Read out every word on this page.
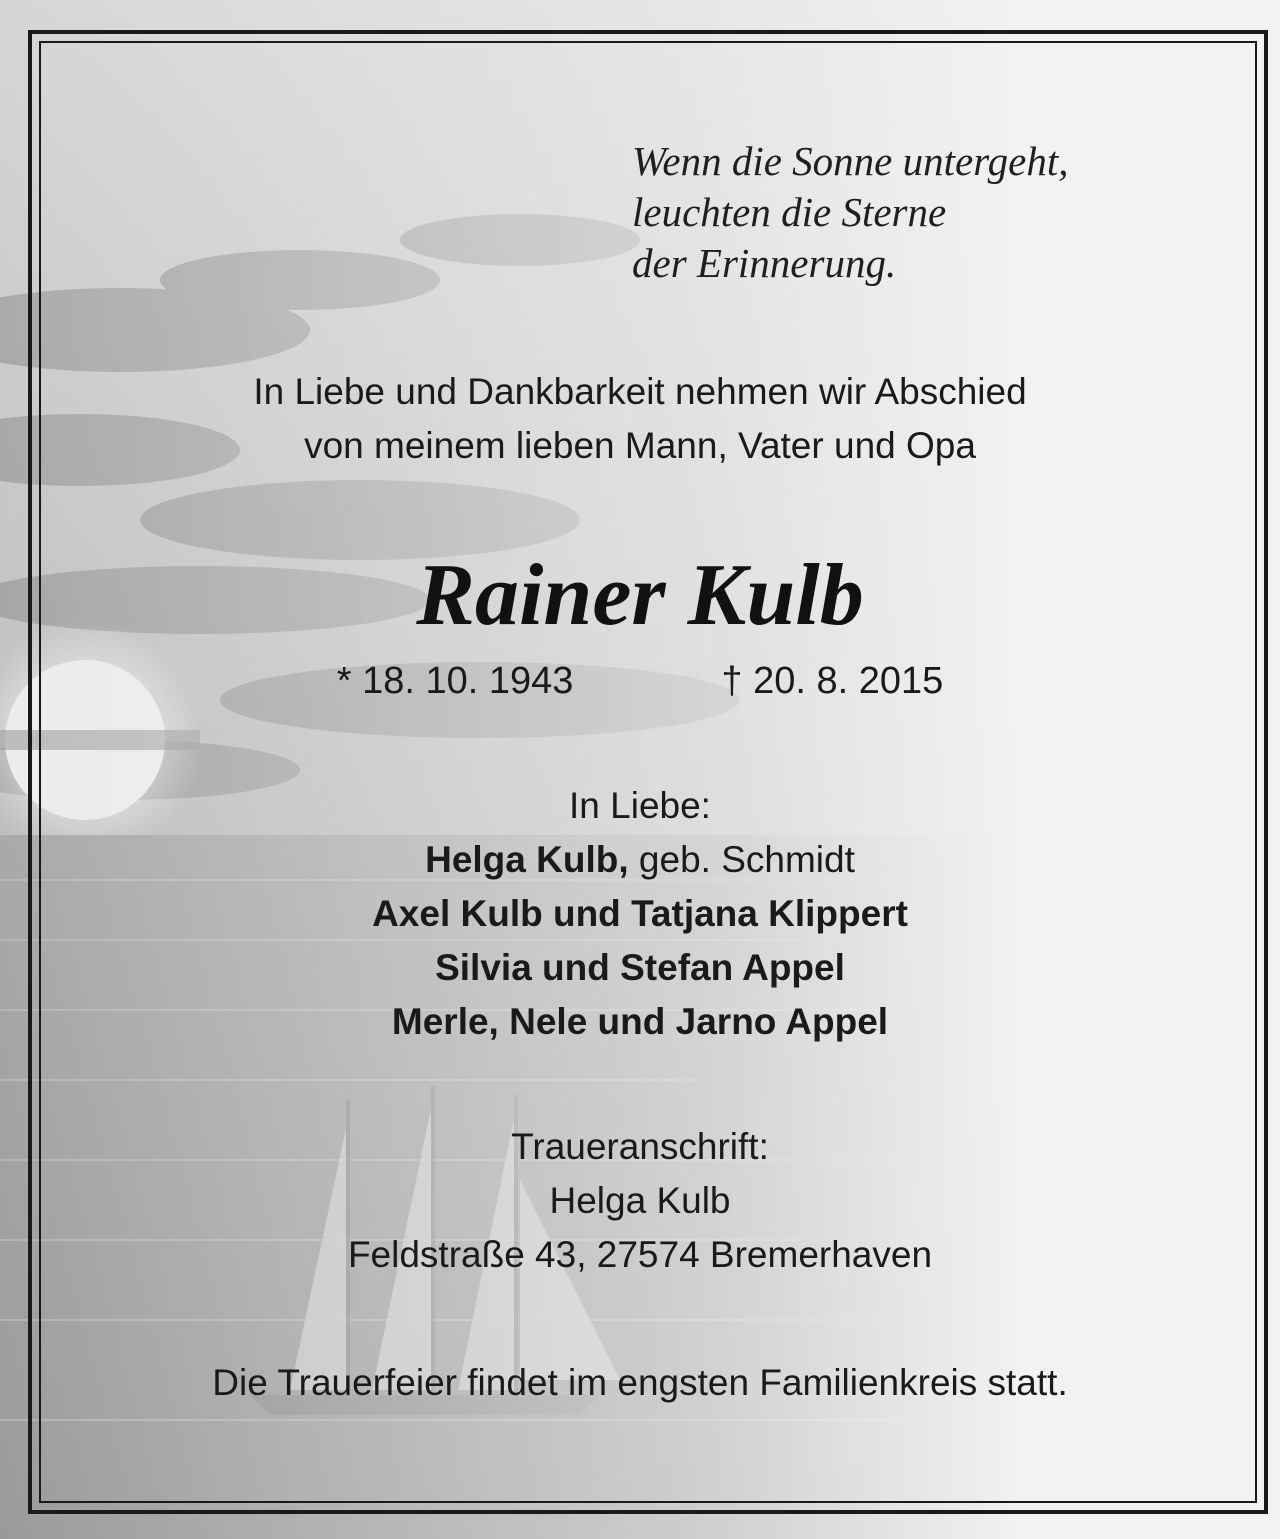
Wenn die Sonne untergeht,
leuchten die Sterne
der Erinnerung.
In Liebe und Dankbarkeit nehmen wir Abschied
von meinem lieben Mann, Vater und Opa
Rainer Kulb
* 18. 10. 1943	† 20. 8. 2015
In Liebe:
Helga Kulb, geb. Schmidt
Axel Kulb und Tatjana Klippert
Silvia und Stefan Appel
Merle, Nele und Jarno Appel
Traueranschrift:
Helga Kulb
Feldstraße 43, 27574 Bremerhaven
Die Trauerfeier findet im engsten Familienkreis statt.
